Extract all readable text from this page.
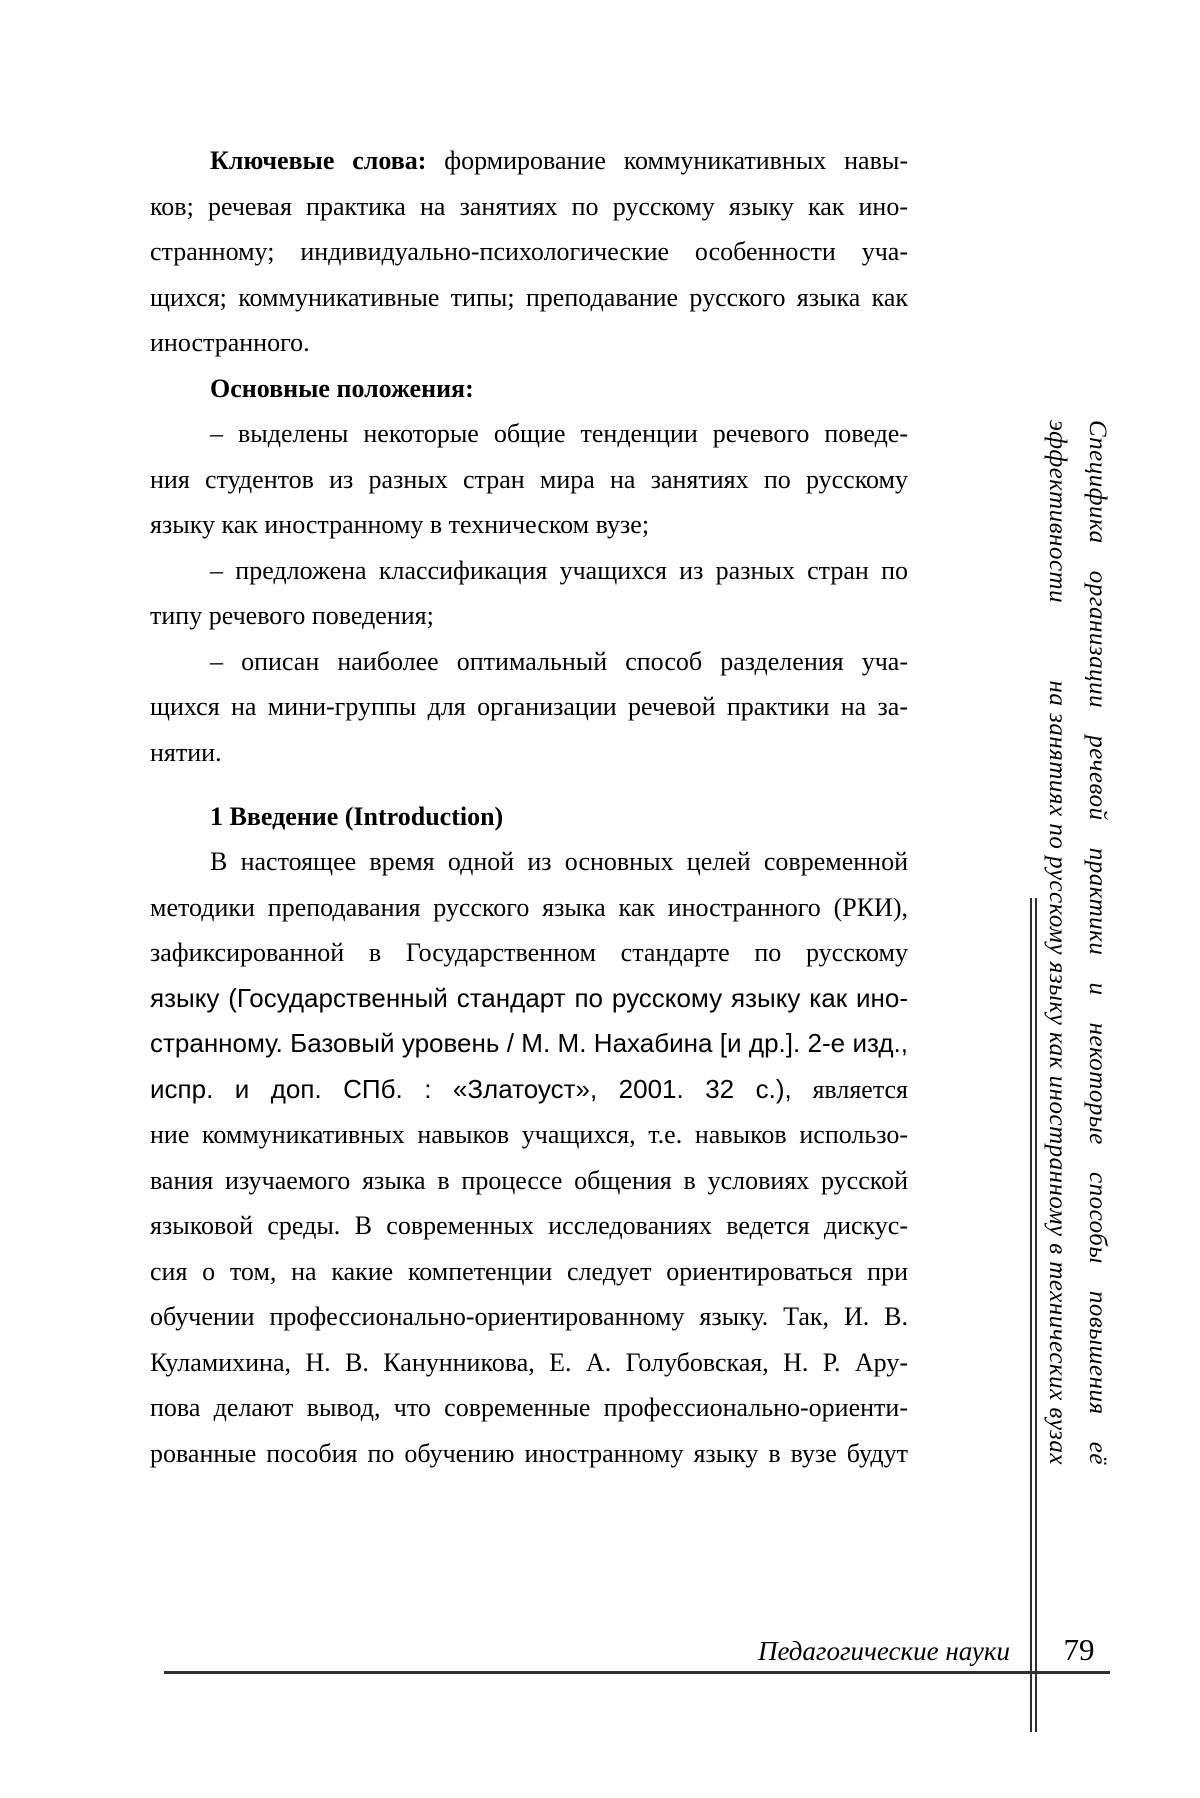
Ключевые слова: формирование коммуникативных навы-
ков; речевая практика на занятиях по русскому языку как ино-
странному; индивидуально-психологические особенности уча-
щихся; коммуникативные типы; преподавание русского языка как
иностранного.
Основные положения:
– выделены некоторые общие тенденции речевого поведе-
ния студентов из разных стран мира на занятиях по русскому
языку как иностранному в техническом вузе;
– предложена классификация учащихся из разных стран по
типу речевого поведения;
– описан наиболее оптимальный способ разделения уча-
щихся на мини-группы для организации речевой практики на за-
нятии.
1 Введение (Introduction)
В настоящее время одной из основных целей современной
методики преподавания русского языка как иностранного (РКИ),
зафиксированной в Государственном стандарте по русскому
языку (Государственный стандарт по русскому языку как ино-
странному. Базовый уровень / М. М. Нахабина [и др.]. 2-е изд.,
испр. и доп. СПб. : «Златоуст», 2001. 32 с.), является
ние коммуникативных навыков учащихся, т.е. навыков использо-
вания изучаемого языка в процессе общения в условиях русской
языковой среды. В современных исследованиях ведется дискус-
сия о том, на какие компетенции следует ориентироваться при
обучении профессионально-ориентированному языку. Так, И. В.
Куламихина, Н. В. Канунникова, Е. А. Голубовская, Н. Р. Ару-
пова делают вывод, что современные профессионально-ориенти-
рованные пособия по обучению иностранному языку в вузе будут	Специфика организации речевой практики и некоторые способы повышения её эффективности
на занятиях по русскому языку как иностранному в технических вузах
Педагогические науки	79
